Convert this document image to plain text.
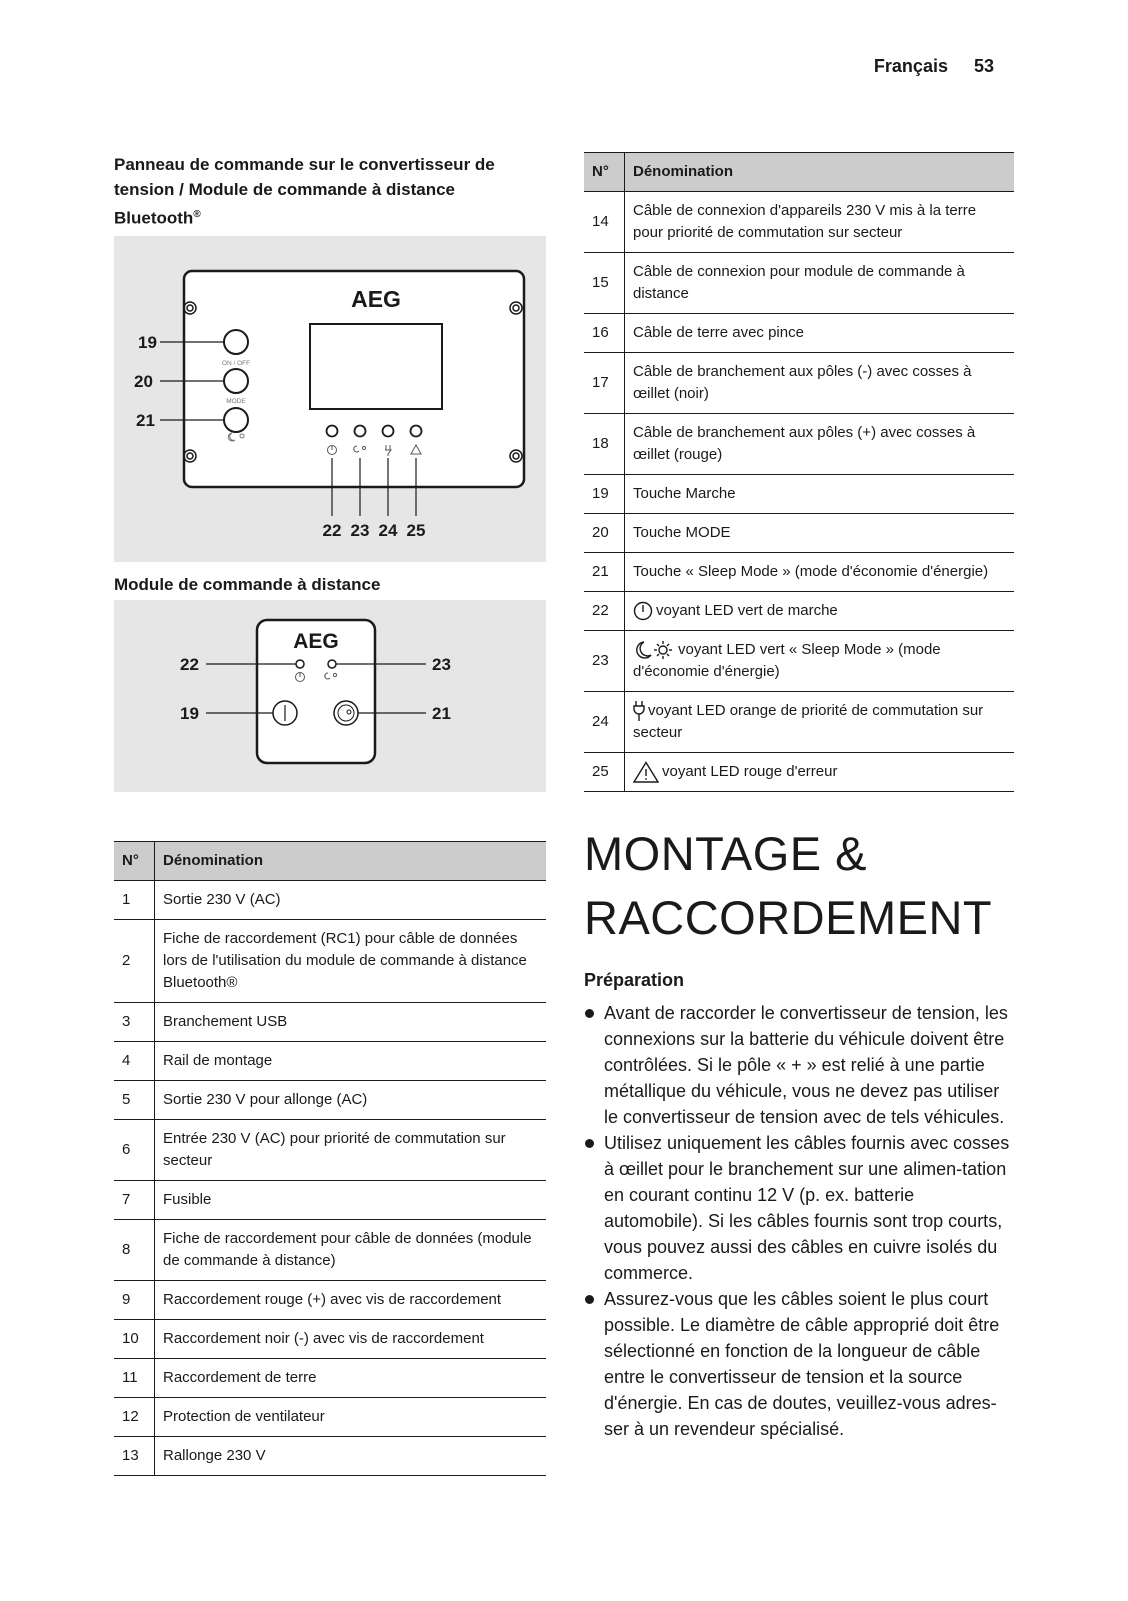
Français 53
Panneau de commande sur le convertisseur de tension / Module de commande à distance Bluetooth®
AEG
ON / OFF
MODE
19
20
21
22 23 24 25
Module de commande à distance
AEG
22	23
19	21
N°	Dénomination
1	Sortie 230 V (AC)
2	Fiche de raccordement (RC1) pour câble de données lors de l'utilisation du module de commande à distance Bluetooth®
3	Branchement USB
4	Rail de montage
5	Sortie 230 V pour allonge (AC)
6	Entrée 230 V (AC) pour priorité de commutation sur secteur
7	Fusible
8	Fiche de raccordement pour câble de données (module de commande à distance)
9	Raccordement rouge (+) avec vis de raccordement
10	Raccordement noir (-) avec vis de raccordement
11	Raccordement de terre
12	Protection de ventilateur
13	Rallonge 230 V
N°	Dénomination
14	Câble de connexion d'appareils 230 V mis à la terre pour priorité de commutation sur secteur
15	Câble de connexion pour module de commande à distance
16	Câble de terre avec pince
17	Câble de branchement aux pôles (-) avec cosses à œillet (noir)
18	Câble de branchement aux pôles (+) avec cosses à œillet (rouge)
19	Touche Marche
20	Touche MODE
21	Touche « Sleep Mode » (mode d'économie d'énergie)
22	voyant LED vert de marche
23	voyant LED vert « Sleep Mode » (mode d'économie d'énergie)
24	voyant LED orange de priorité de commutation sur secteur
25	voyant LED rouge d'erreur
MONTAGE &
RACCORDEMENT
Préparation
Avant de raccorder le convertisseur de tension, les connexions sur la batterie du véhicule doivent être contrôlées. Si le pôle « + » est relié à une partie métallique du véhicule, vous ne devez pas utiliser le convertisseur de tension avec de tels véhicules.
Utilisez uniquement les câbles fournis avec cosses à œillet pour le branchement sur une alimen-tation en courant continu 12 V (p. ex. batterie automobile). Si les câbles fournis sont trop courts, vous pouvez aussi des câbles en cuivre isolés du commerce.
Assurez-vous que les câbles soient le plus court possible. Le diamètre de câble approprié doit être sélectionné en fonction de la longueur de câble entre le convertisseur de tension et la source d'énergie. En cas de doutes, veuillez-vous adres-ser à un revendeur spécialisé.
